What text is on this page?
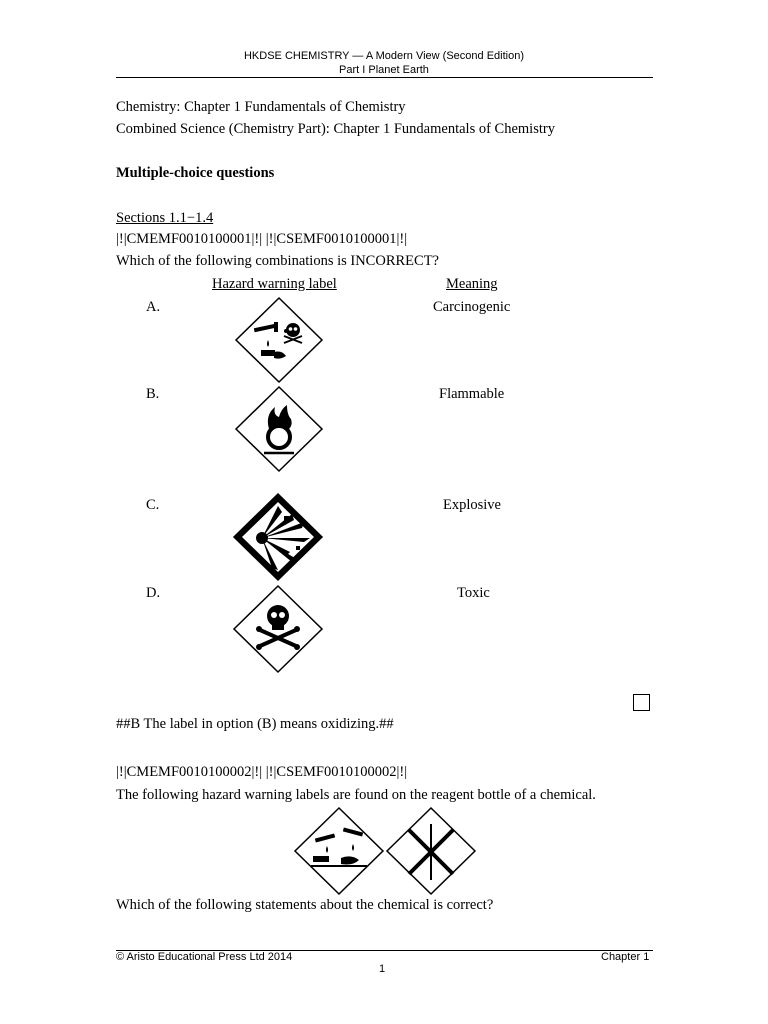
HKDSE CHEMISTRY — A Modern View (Second Edition)
Part I Planet Earth
Chemistry: Chapter 1 Fundamentals of Chemistry
Combined Science (Chemistry Part): Chapter 1 Fundamentals of Chemistry
Multiple-choice questions
Sections 1.1−1.4
|!|CMEMF0010100001|!| |!|CSEMF0010100001|!|
Which of the following combinations is INCORRECT?
Hazard warning label	Meaning
A.	Carcinogenic
B.	Flammable
C.	Explosive
D.	Toxic
##B The label in option (B) means oxidizing.##
|!|CMEMF0010100002|!| |!|CSEMF0010100002|!|
The following hazard warning labels are found on the reagent bottle of a chemical.
Which of the following statements about the chemical is correct?
© Aristo Educational Press Ltd 2014	Chapter 1
1
